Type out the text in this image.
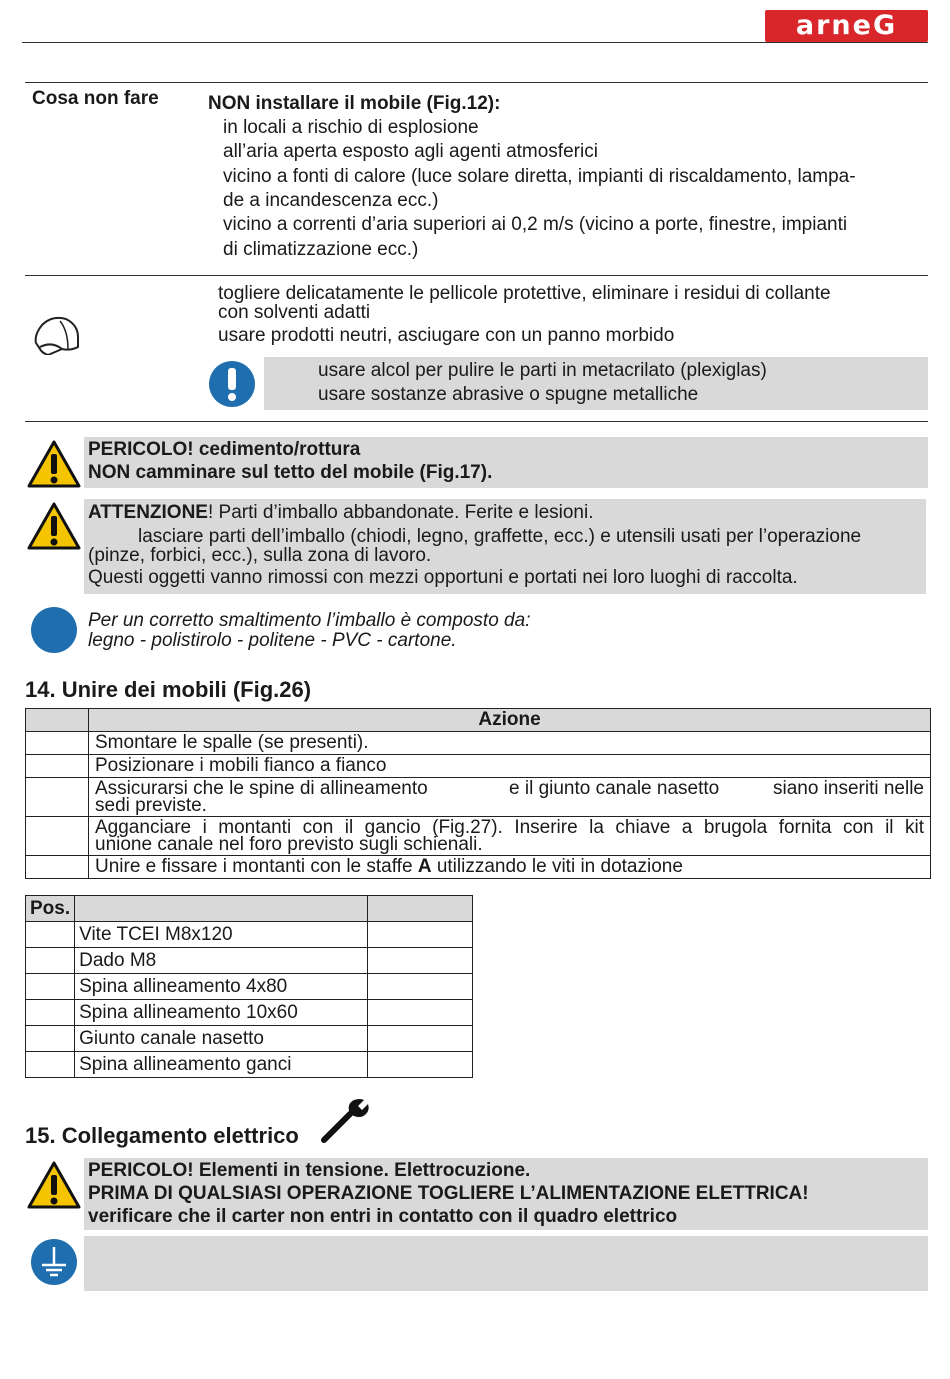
arneG
Cosa non fare	NON installare il mobile (Fig.12):
in locali a rischio di esplosione
all’aria aperta esposto agli agenti atmosferici
vicino a fonti di calore (luce solare diretta, impianti di riscaldamento, lampa-
de a incandescenza ecc.)
vicino a correnti d’aria superiori ai 0,2 m/s (vicino a porte, finestre, impianti
di climatizzazione ecc.)
togliere delicatamente le pellicole protettive, eliminare i residui di collante
con solventi adatti
usare prodotti neutri, asciugare con un panno morbido
usare alcol per pulire le parti in metacrilato (plexiglas)
usare sostanze abrasive o spugne metalliche
PERICOLO! cedimento/rottura
NON camminare sul tetto del mobile (Fig.17).
ATTENZIONE! Parti d’imballo abbandonate. Ferite e lesioni.
lasciare parti dell’imballo (chiodi, legno, graffette, ecc.) e utensili usati per l’operazione
(pinze, forbici, ecc.), sulla zona di lavoro.
Questi oggetti vanno rimossi con mezzi opportuni e portati nei loro luoghi di raccolta.
Per un corretto smaltimento l’imballo è composto da:
legno - polistirolo - politene - PVC - cartone.
14. Unire dei mobili (Fig.26)
	Azione
	Smontare le spalle (se presenti).
	Posizionare i mobili fianco a fianco

	Assicurarsi che le spine di allineamento e il giunto canale nasetto siano inseriti nelle
sedi previste.

	Agganciare i montanti con il gancio (Fig.27). Inserire la chiave a brugola fornita con il kit
unione canale nel foro previsto sugli schienali.

	Unire e fissare i montanti con le staffe A utilizzando le viti in dotazione
Pos.		
	Vite TCEI M8x120	
	Dado M8	
	Spina allineamento 4x80	
	Spina allineamento 10x60	
	Giunto canale nasetto	
	Spina allineamento ganci	
15. Collegamento elettrico
PERICOLO! Elementi in tensione. Elettrocuzione.
PRIMA DI QUALSIASI OPERAZIONE TOGLIERE L’ALIMENTAZIONE ELETTRICA!
verificare che il carter non entri in contatto con il quadro elettrico
